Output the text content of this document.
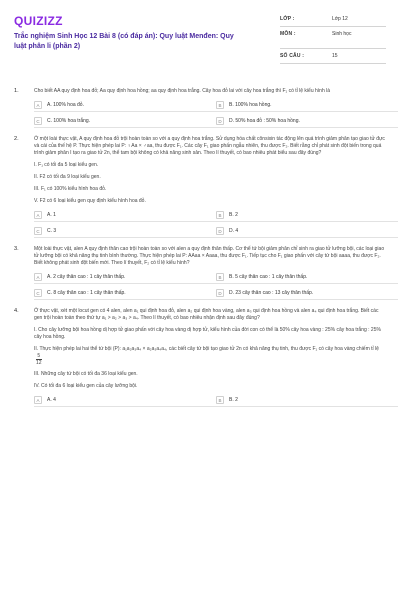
QUIZIZZ
Trắc nghiệm Sinh Học 12 Bài 8 (có đáp án): Quy luật Menđen: Quy luật phân li (phần 2)
LỚP :	Lớp 12
MÔN :	Sinh học
SỐ CÂU :	15
1.	Cho biết AA quy định hoa đỏ; Aa quy định hoa hồng; aa quy định hoa trắng. Cây hoa đỏ lai với cây hoa trắng thì F₁ có tỉ lệ kiểu hình là
A	A. 100% hoa đỏ.	B	B. 100% hoa hồng.
C	C. 100% hoa trắng.	D	D. 50% hoa đỏ : 50% hoa hồng.
2.	Ở một loài thực vật, A quy định hoa đỏ trội hoàn toàn so với a quy định hoa trắng. Sử dụng hóa chất cônsixin tác động lên quá trình giảm phân tạo giao tử đực và cái của thế hệ P. Thực hiện phép lai P: ♀Aa × ♂aa, thu được F₁. Các cây F₁ giao phấn ngẫu nhiên, thu được F₂. Biết rằng chỉ phát sinh đột biến trong quá trình giảm phân I tạo ra giao tử 2n, thể tam bội không có khả năng sinh sản. Theo lí thuyết, có bao nhiêu phát biểu sau đây đúng?
I. F₁ có tối đa 5 loại kiểu gen.
II. F2 có tối đa 9 loại kiểu gen.
III. F₁ có 100% kiểu hình hoa đỏ.
V. F2 có 6 loại kiểu gen quy định kiểu hình hoa đỏ.
A	A. 1	B	B. 2
C	C. 3	D	D. 4
3.	Một loài thực vật, alen A quy định thân cao trội hoàn toàn so với alen a quy định thân thấp. Cơ thể tứ bội giảm phân chỉ sinh ra giao tử lưỡng bội, các loại giao tử lưỡng bội có khả năng thụ tinh bình thường. Thực hiện phép lai P: AAaa × Aaaa, thu được F₁. Tiếp tục cho F₁ giao phấn với cây tứ bội aaaa, thu được F₂. Biết không phát sinh đột biến mới. Theo lí thuyết, F₂ có tỉ lệ kiểu hình?
A	A. 2 cây thân cao : 1 cây thân thấp.	B	B. 5 cây thân cao : 1 cây thân thấp.
C	C. 8 cây thân cao : 1 cây thân thấp.	D	D. 23 cây thân cao : 13 cây thân thấp.
4.	Ở thực vật, xét một locut gen có 4 alen, alen a₁ qui định hoa đỏ, alen a₂ qui định hoa vàng, alen a₃ qui định hoa hồng và alen a₄ qui định hoa trắng. Biết các gen trội hoàn toàn theo thứ tự a₁ > a₂ > a₃ > a₄. Theo lí thuyết, có bao nhiêu nhận định sau đây đúng?
I. Cho cây lưỡng bội hoa hồng dị hợp tử giao phấn với cây hoa vàng dị hợp tử, kiểu hình của đời con có thể là 50% cây hoa vàng : 25% cây hoa trắng : 25% cây hoa hồng.
II. Thực hiện phép lai hai thể tứ bội (P): a₁a₂a₃a₄ × a₂a₃a₄a₄, các biết cây tứ bội tạo giao tử 2n có khả năng thụ tinh, thu được F₁ có cây hoa vàng chiếm tỉ lệ
$\frac{5}{12}$
III. Những cây tứ bội có tối đa 36 loại kiểu gen.
IV. Có tối đa 6 loại kiểu gen của cây lưỡng bội.
A	A. 4	B	B. 2
